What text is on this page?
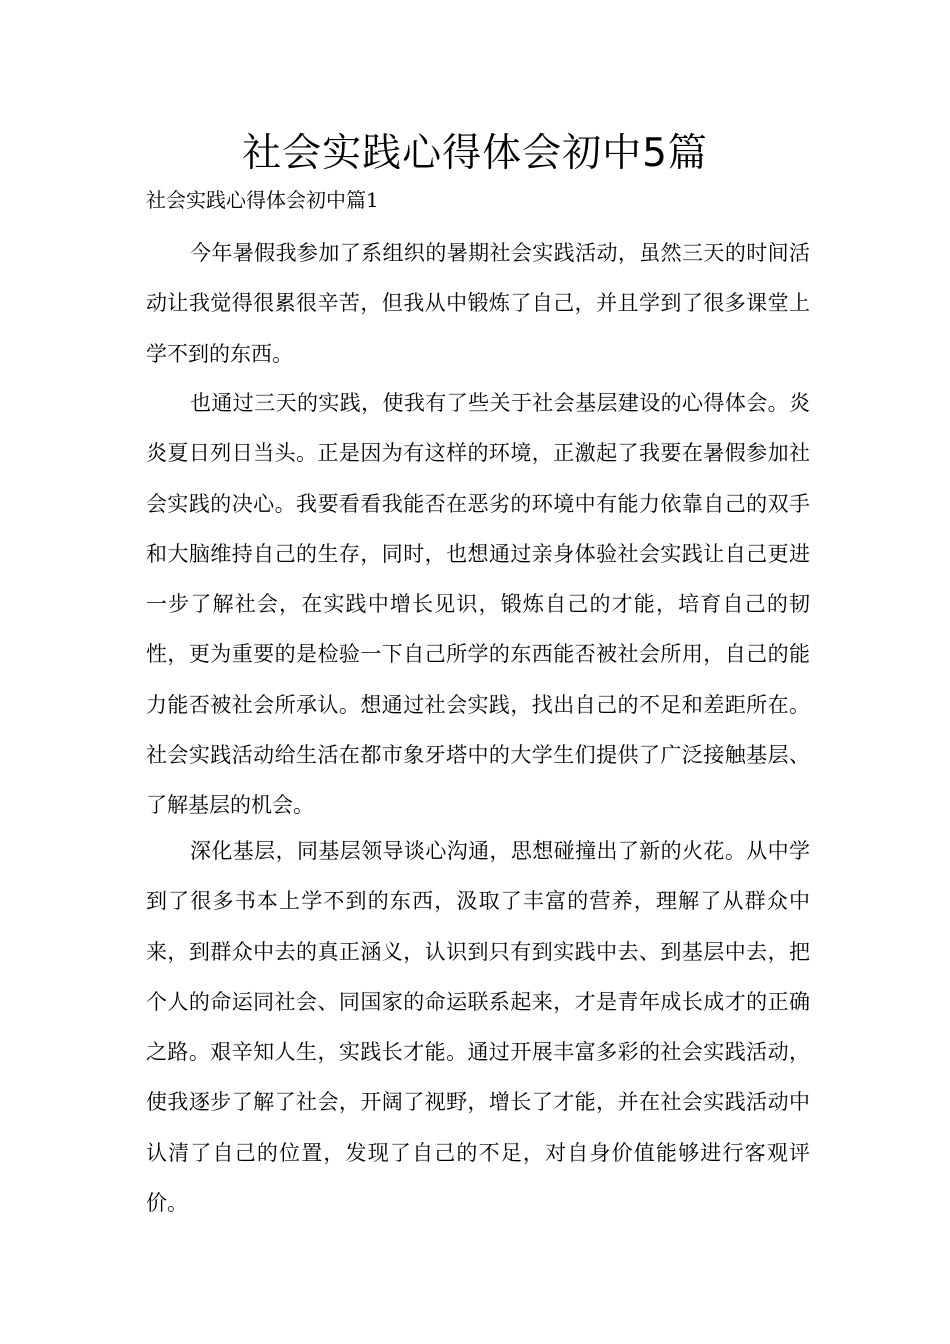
社会实践心得体会初中5篇
社会实践心得体会初中篇1

今年暑假我参加了系组织的暑期社会实践活动，虽然三天的时间活动让我觉得很累很辛苦，但我从中锻炼了自己，并且学到了很多课堂上学不到的东西。

也通过三天的实践，使我有了些关于社会基层建设的心得体会。炎炎夏日列日当头。正是因为有这样的环境，正激起了我要在暑假参加社会实践的决心。我要看看我能否在恶劣的环境中有能力依靠自己的双手和大脑维持自己的生存，同时，也想通过亲身体验社会实践让自己更进一步了解社会，在实践中增长见识，锻炼自己的才能，培育自己的韧性，更为重要的是检验一下自己所学的东西能否被社会所用，自己的能力能否被社会所承认。想通过社会实践，找出自己的不足和差距所在。社会实践活动给生活在都市象牙塔中的大学生们提供了广泛接触基层、了解基层的机会。

深化基层，同基层领导谈心沟通，思想碰撞出了新的火花。从中学到了很多书本上学不到的东西，汲取了丰富的营养，理解了从群众中来，到群众中去的真正涵义，认识到只有到实践中去、到基层中去，把个人的命运同社会、同国家的命运联系起来，才是青年成长成才的正确之路。艰辛知人生，实践长才能。通过开展丰富多彩的社会实践活动，使我逐步了解了社会，开阔了视野，增长了才能，并在社会实践活动中认清了自己的位置，发现了自己的不足，对自身价值能够进行客观评价。
